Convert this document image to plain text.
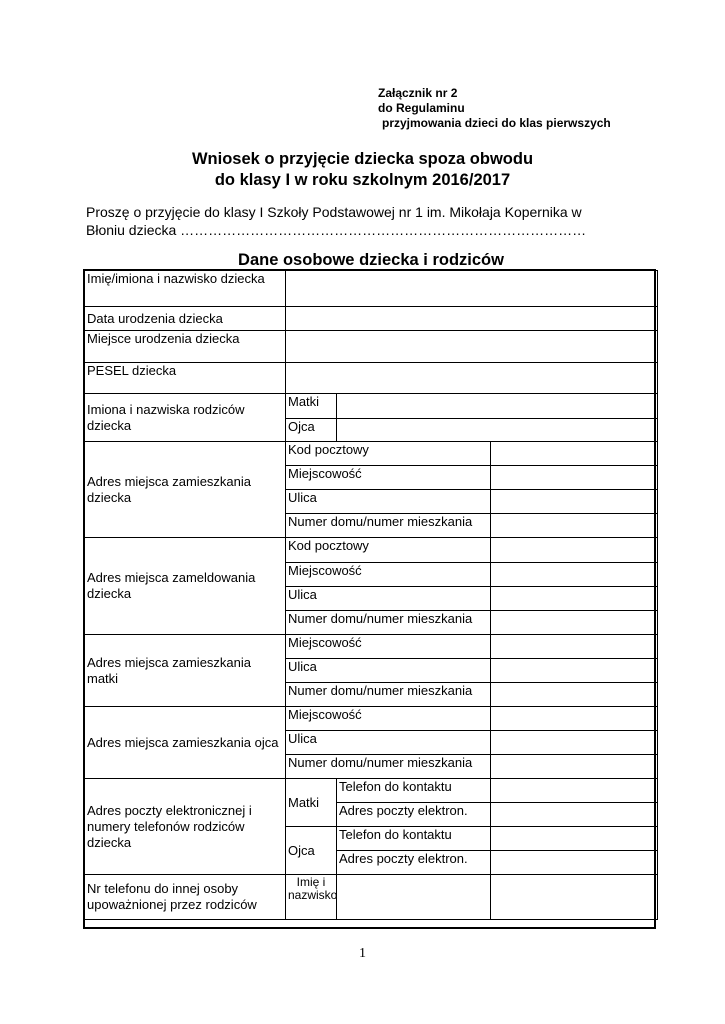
Załącznik nr 2
do Regulaminu
przyjmowania dzieci do klas pierwszych
Wniosek o przyjęcie dziecka spoza obwodu
do klasy I w roku szkolnym 2016/2017
Proszę o przyjęcie do klasy I Szkoły Podstawowej nr 1 im. Mikołaja Kopernika w
Błoniu dziecka ……………………………………………………………………………
Dane osobowe dziecka i rodziców
Imię/imiona i nazwisko dziecka			
Data urodzenia dziecka			
Miejsce urodzenia dziecka			
PESEL dziecka			
Imiona i nazwiska rodziców dziecka	Matki		
	Ojca		
Adres miejsca zamieszkania dziecka	Kod pocztowy		
	Miejscowość		
	Ulica		
	Numer domu/numer mieszkania		
Adres miejsca zameldowania dziecka	Kod pocztowy		
	Miejscowość		
	Ulica		
	Numer domu/numer mieszkania		
Adres miejsca zamieszkania matki	Miejscowość		
	Ulica		
	Numer domu/numer mieszkania		
Adres miejsca zamieszkania ojca	Miejscowość		
	Ulica		
	Numer domu/numer mieszkania		
Adres poczty elektronicznej i numery telefonów rodziców dziecka	Matki	Telefon do kontaktu	
		Adres poczty elektron.	
	Ojca	Telefon do kontaktu	
		Adres poczty elektron.	
Nr telefonu do innej osoby upoważnionej przez rodziców	Imię i nazwisko		
1
